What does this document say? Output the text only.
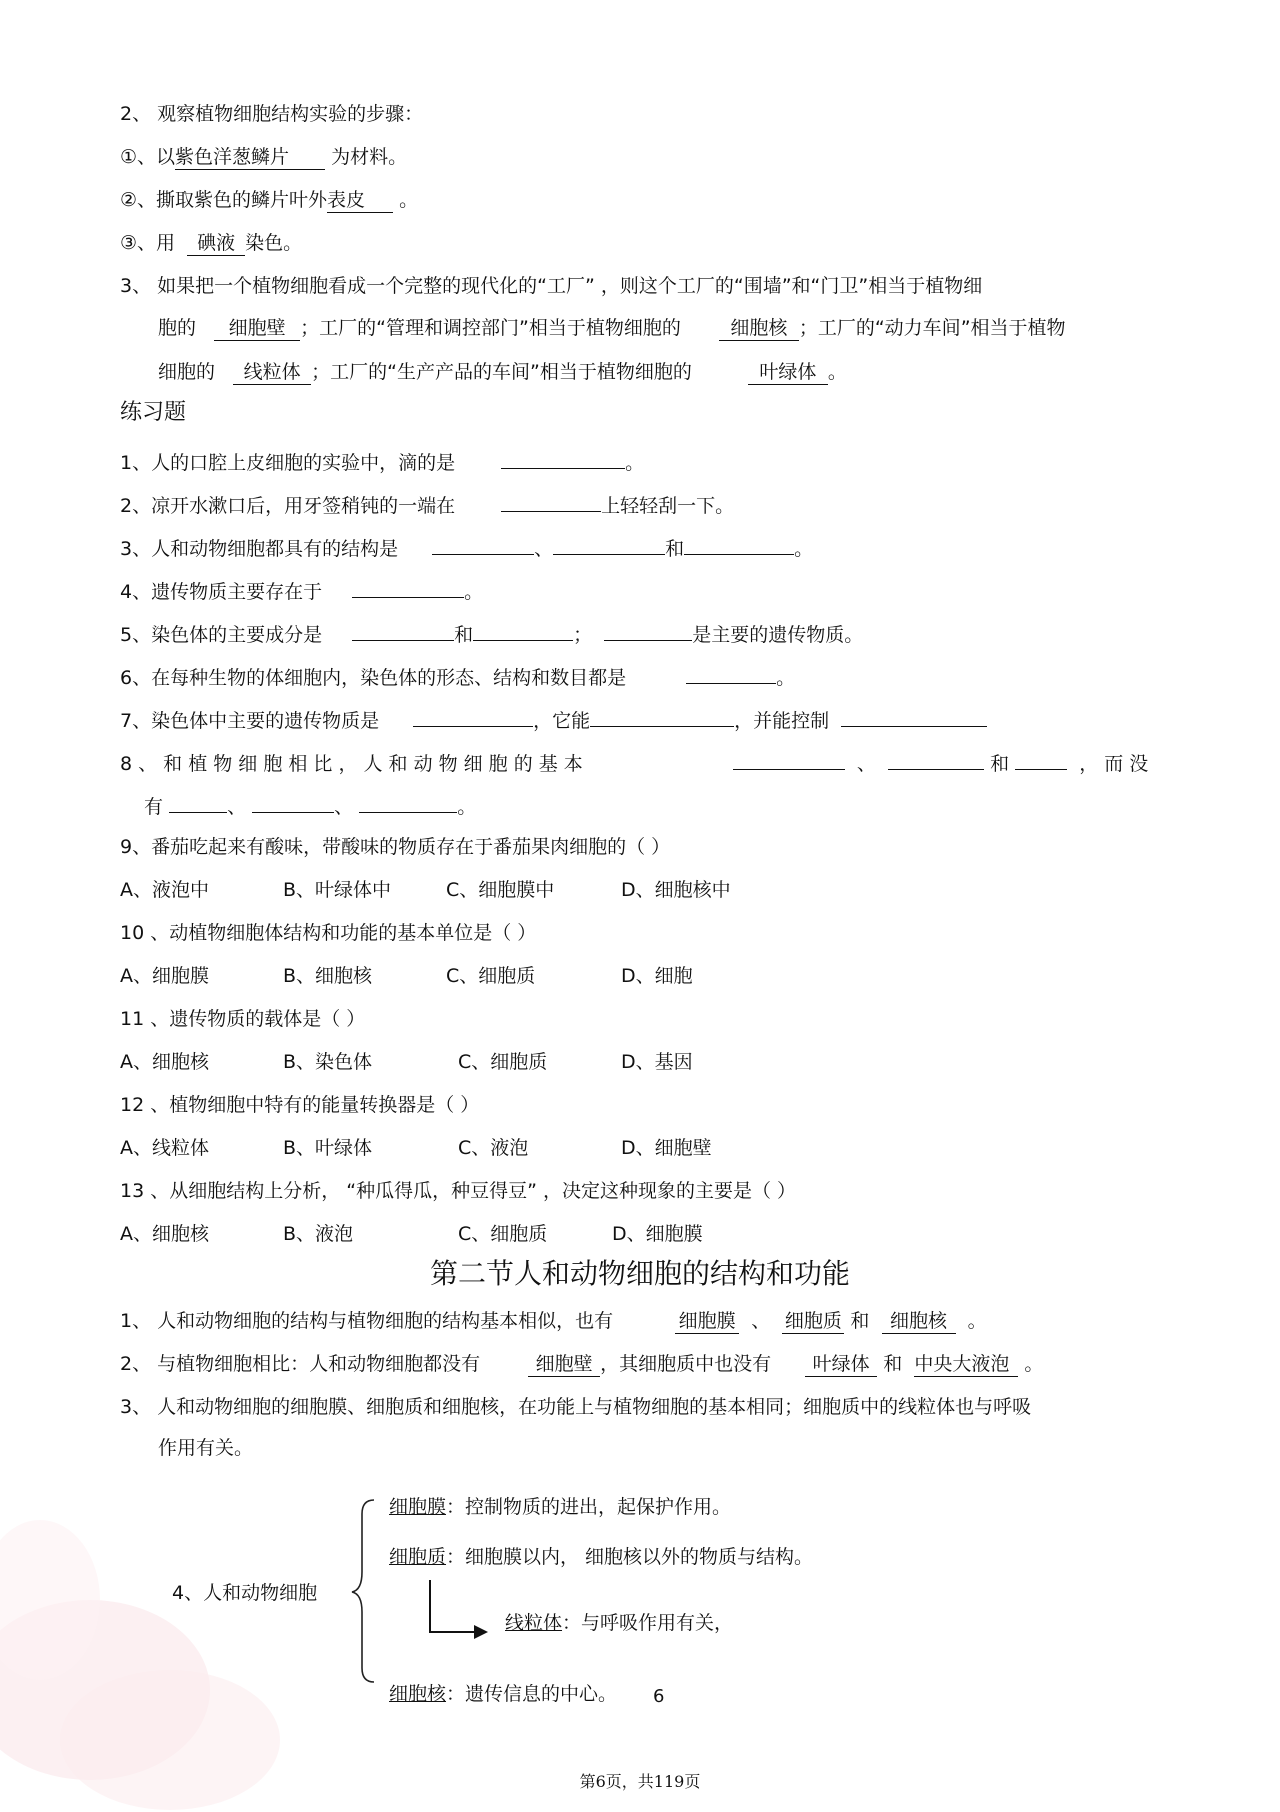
2、 观察植物细胞结构实验的步骤：
①、以紫色洋葱鳞片 为材料。
②、撕取紫色的鳞片叶外表皮 。
③、用 碘液 染色。
3、 如果把一个植物细胞看成一个完整的现代化的“工厂” ，则这个工厂的“围墙”和“门卫”相当于植物细
胞的 细胞壁 ；工厂的“管理和调控部门”相当于植物细胞的	细胞核 ；工厂的“动力车间”相当于植物
细胞的 线粒体 ；工厂的“生产产品的车间”相当于植物细胞的	叶绿体 。
练习题
1、人的口腔上皮细胞的实验中，滴的是	。
2、凉开水漱口后，用牙签稍钝的一端在	上轻轻刮一下。
3、人和动物细胞都具有的结构是	、	和	。
4、遗传物质主要存在于	。
5、染色体的主要成分是	和	；	是主要的遗传物质。
6、在每种生物的体细胞内，染色体的形态、结构和数目都是	。
7、染色体中主要的遗传物质是	，它能	，并能控制
8 、 和 植 物 细 胞 相 比 ， 人 和 动 物 细 胞 的 基 本	、	和	， 而 没
有	、	、	。
9、番茄吃起来有酸味，带酸味的物质存在于番茄果肉细胞的（ ）
A、液泡中	B、叶绿体中	C、细胞膜中	D、细胞核中
10 、动植物细胞体结构和功能的基本单位是（ ）
A、细胞膜	B、细胞核	C、细胞质	D、细胞
11 、遗传物质的载体是（ ）
A、细胞核	B、染色体	C、细胞质	D、基因
12 、植物细胞中特有的能量转换器是（ ）
A、线粒体	B、叶绿体	C、液泡	D、细胞壁
13 、从细胞结构上分析， “种瓜得瓜，种豆得豆” ，决定这种现象的主要是（ ）
A、细胞核	B、液泡	C、细胞质	D、细胞膜
第二节人和动物细胞的结构和功能
1、 人和动物细胞的结构与植物细胞的结构基本相似，也有	细胞膜 、 细胞质 和 细胞核 。
2、 与植物细胞相比：人和动物细胞都没有	细胞壁 ，其细胞质中也没有 叶绿体 和 中央大液泡 。
3、 人和动物细胞的细胞膜、细胞质和细胞核，在功能上与植物细胞的基本相同；细胞质中的线粒体也与呼吸
作用有关。
4、人和动物细胞
细胞膜：控制物质的进出，起保护作用。
细胞质：细胞膜以内， 细胞核以外的物质与结构。
线粒体：与呼吸作用有关，
细胞核：遗传信息的中心。 6
第6页，共119页
